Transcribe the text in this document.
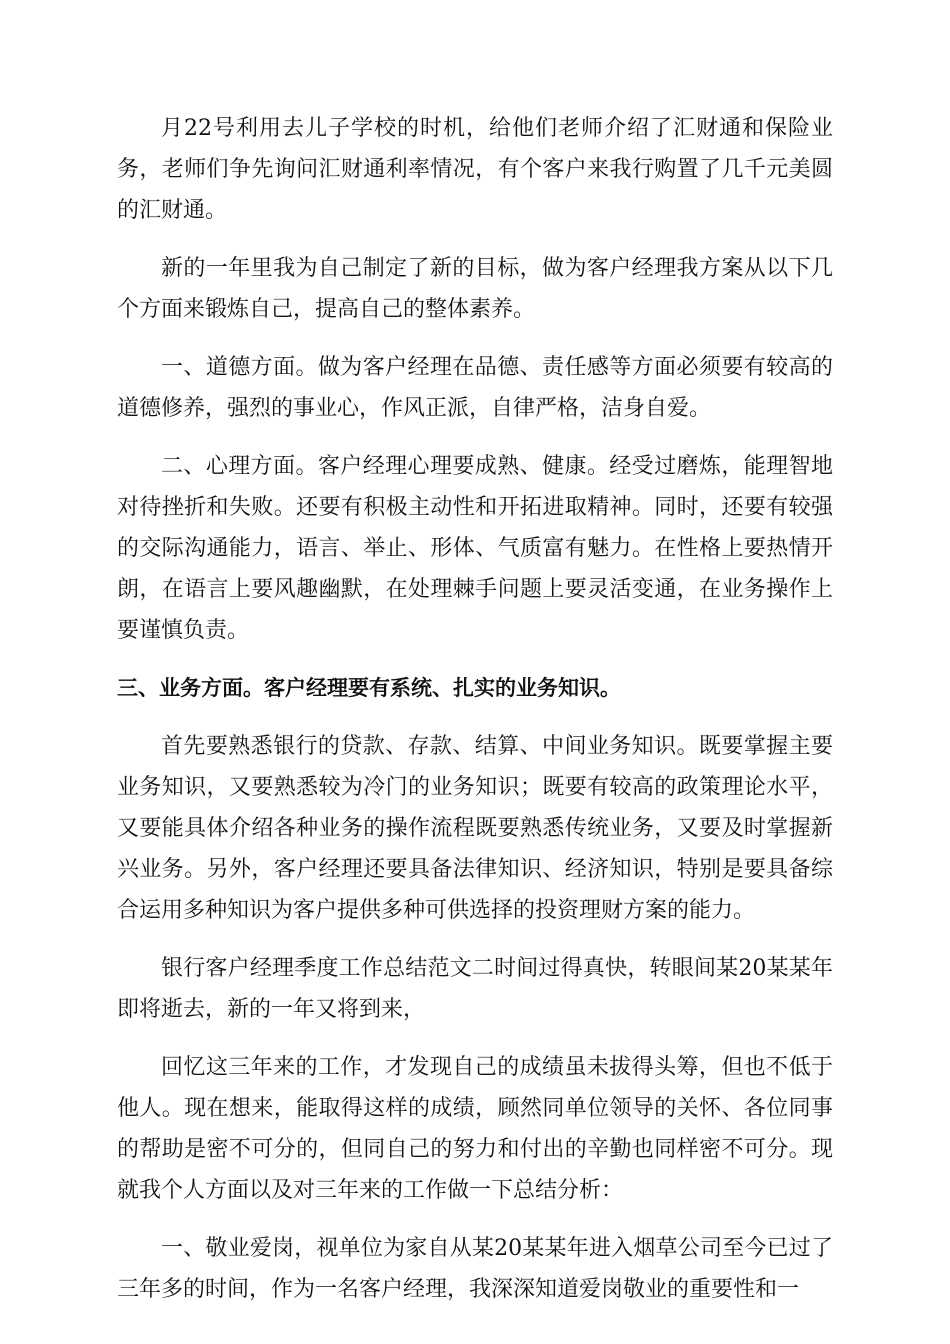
月22号利用去儿子学校的时机，给他们老师介绍了汇财通和保险业务，老师们争先询问汇财通利率情况，有个客户来我行购置了几千元美圆的汇财通。

新的一年里我为自己制定了新的目标，做为客户经理我方案从以下几个方面来锻炼自己，提高自己的整体素养。

一、道德方面。做为客户经理在品德、责任感等方面必须要有较高的道德修养，强烈的事业心，作风正派，自律严格，洁身自爱。

二、心理方面。客户经理心理要成熟、健康。经受过磨炼，能理智地对待挫折和失败。还要有积极主动性和开拓进取精神。同时，还要有较强的交际沟通能力，语言、举止、形体、气质富有魅力。在性格上要热情开朗，在语言上要风趣幽默，在处理棘手问题上要灵活变通，在业务操作上要谨慎负责。

三、业务方面。客户经理要有系统、扎实的业务知识。

首先要熟悉银行的贷款、存款、结算、中间业务知识。既要掌握主要业务知识，又要熟悉较为冷门的业务知识；既要有较高的政策理论水平，又要能具体介绍各种业务的操作流程既要熟悉传统业务，又要及时掌握新兴业务。另外，客户经理还要具备法律知识、经济知识，特别是要具备综合运用多种知识为客户提供多种可供选择的投资理财方案的能力。

银行客户经理季度工作总结范文二时间过得真快，转眼间某20某某年即将逝去，新的一年又将到来，

回忆这三年来的工作，才发现自己的成绩虽未拔得头筹，但也不低于他人。现在想来，能取得这样的成绩，顾然同单位领导的关怀、各位同事的帮助是密不可分的，但同自己的努力和付出的辛勤也同样密不可分。现就我个人方面以及对三年来的工作做一下总结分析：

一、敬业爱岗，视单位为家自从某20某某年进入烟草公司至今已过了三年多的时间，作为一名客户经理，我深深知道爱岗敬业的重要性和一
